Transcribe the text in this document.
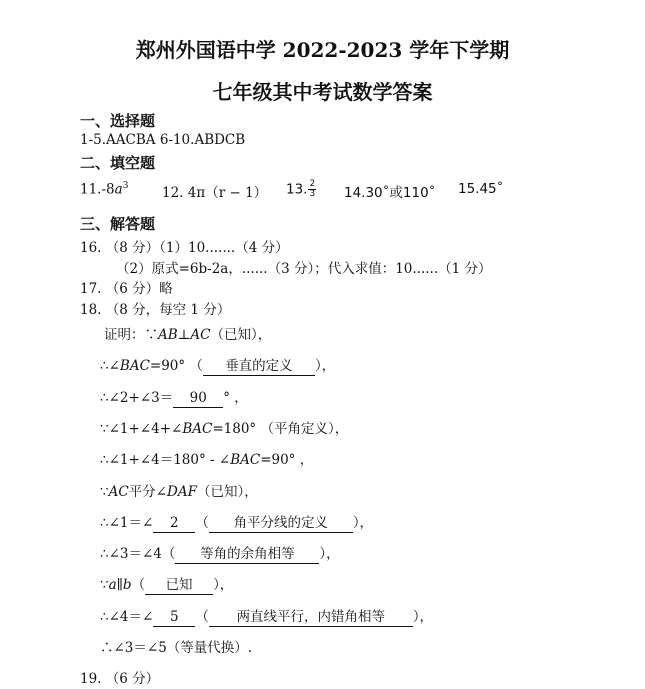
郑州外国语中学 2022-2023 学年下学期
七年级其中考试数学答案
一、选择题
1-5.AACBA 6-10.ABDCB
二、填空题
$11.-8a^3$ 12. 4π（r − 1） 13. $\frac{2}{3}$ 14.30˚或110˚ 15.45˚
三、解答题
16. （8 分）（1）10.......（4 分）
（2）原式=6b-2a，......（3 分）；代入求值：10......（1 分）
17. （6 分）略
18. （8 分，每空 1 分）
证明：∵AB⊥AC（已知），
∴∠BAC=90° （ 垂直的定义 ），
∴∠2+∠3＝ 90 ° ，
∵∠1+∠4+∠BAC=180° （平角定义），
∴∠1+∠4＝180° - ∠BAC=90° ，
∵AC平分∠DAF（已知），
∴∠1＝∠ 2 （ 角平分线的定义 ），
∴∠3＝∠4（ 等角的余角相等 ），
∵a∥b（ 已知 ），
∴∠4＝∠ 5 （ 两直线平行，内错角相等 ），
∴∠3＝∠5（等量代换）.
19. （6 分）
